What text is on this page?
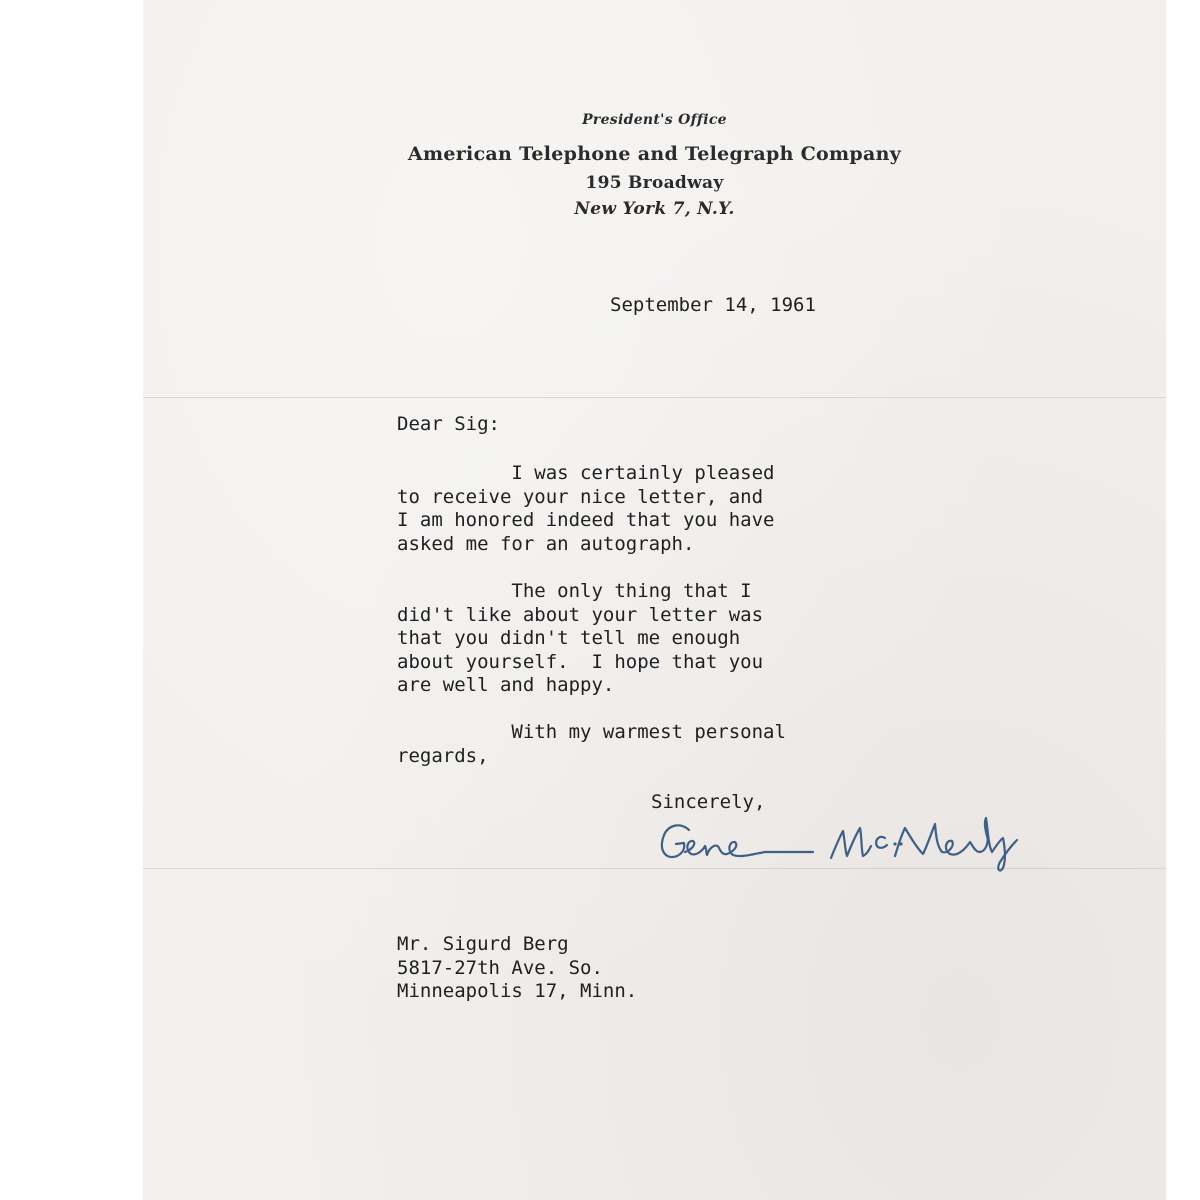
President's Office

American Telephone and Telegraph Company

195 Broadway

New York 7, N.Y.

September 14, 1961

Dear Sig:

I was certainly pleased
to receive your nice letter, and
I am honored indeed that you have
asked me for an autograph.

The only thing that I
did't like about your letter was
that you didn't tell me enough
about yourself.  I hope that you
are well and happy.

With my warmest personal
regards,

Sincerely,

Mr. Sigurd Berg
5817-27th Ave. So.
Minneapolis 17, Minn.
